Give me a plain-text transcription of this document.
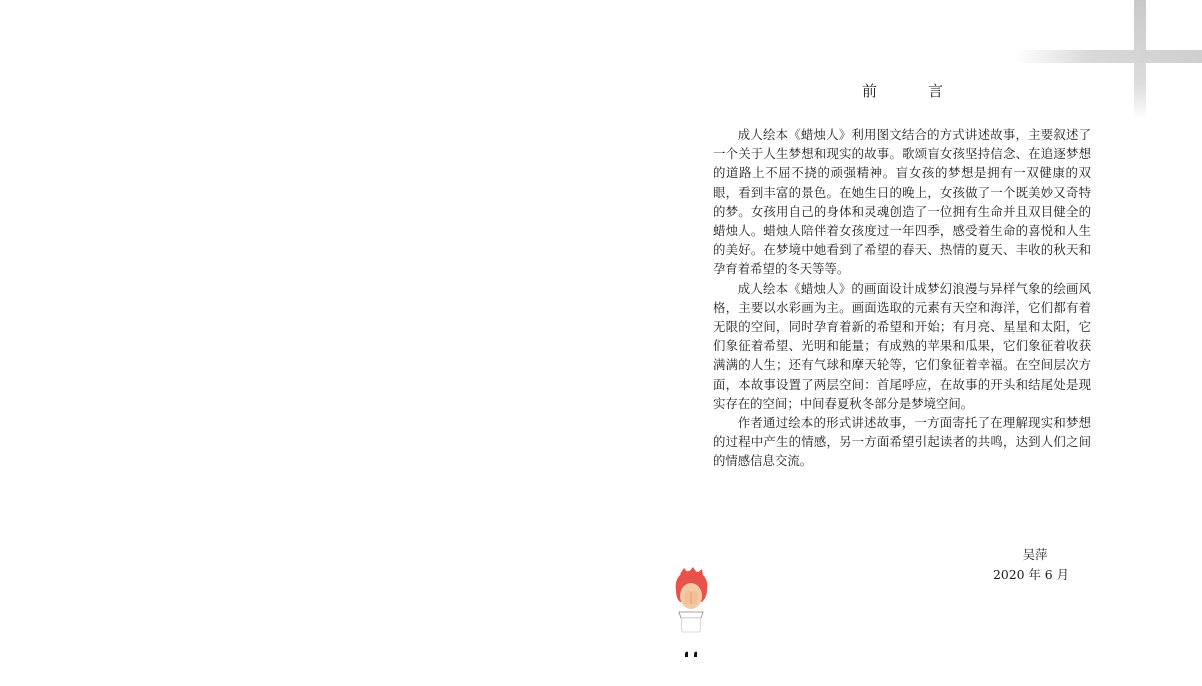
前　言

成人绘本《蜡烛人》利用图文结合的方式讲述故事，主要叙述了一个关于人生梦想和现实的故事。歌颂盲女孩坚持信念、在追逐梦想的道路上不屈不挠的顽强精神。盲女孩的梦想是拥有一双健康的双眼，看到丰富的景色。在她生日的晚上，女孩做了一个既美妙又奇特的梦。女孩用自己的身体和灵魂创造了一位拥有生命并且双目健全的蜡烛人。蜡烛人陪伴着女孩度过一年四季，感受着生命的喜悦和人生的美好。在梦境中她看到了希望的春天、热情的夏天、丰收的秋天和孕育着希望的冬天等等。

成人绘本《蜡烛人》的画面设计成梦幻浪漫与异样气象的绘画风格，主要以水彩画为主。画面选取的元素有天空和海洋，它们都有着无限的空间，同时孕育着新的希望和开始；有月亮、星星和太阳，它们象征着希望、光明和能量；有成熟的苹果和瓜果，它们象征着收获满满的人生；还有气球和摩天轮等，它们象征着幸福。在空间层次方面，本故事设置了两层空间：首尾呼应，在故事的开头和结尾处是现实存在的空间；中间春夏秋冬部分是梦境空间。

作者通过绘本的形式讲述故事，一方面寄托了在理解现实和梦想的过程中产生的情感，另一方面希望引起读者的共鸣，达到人们之间的情感信息交流。

吴萍
2020 年 6 月
